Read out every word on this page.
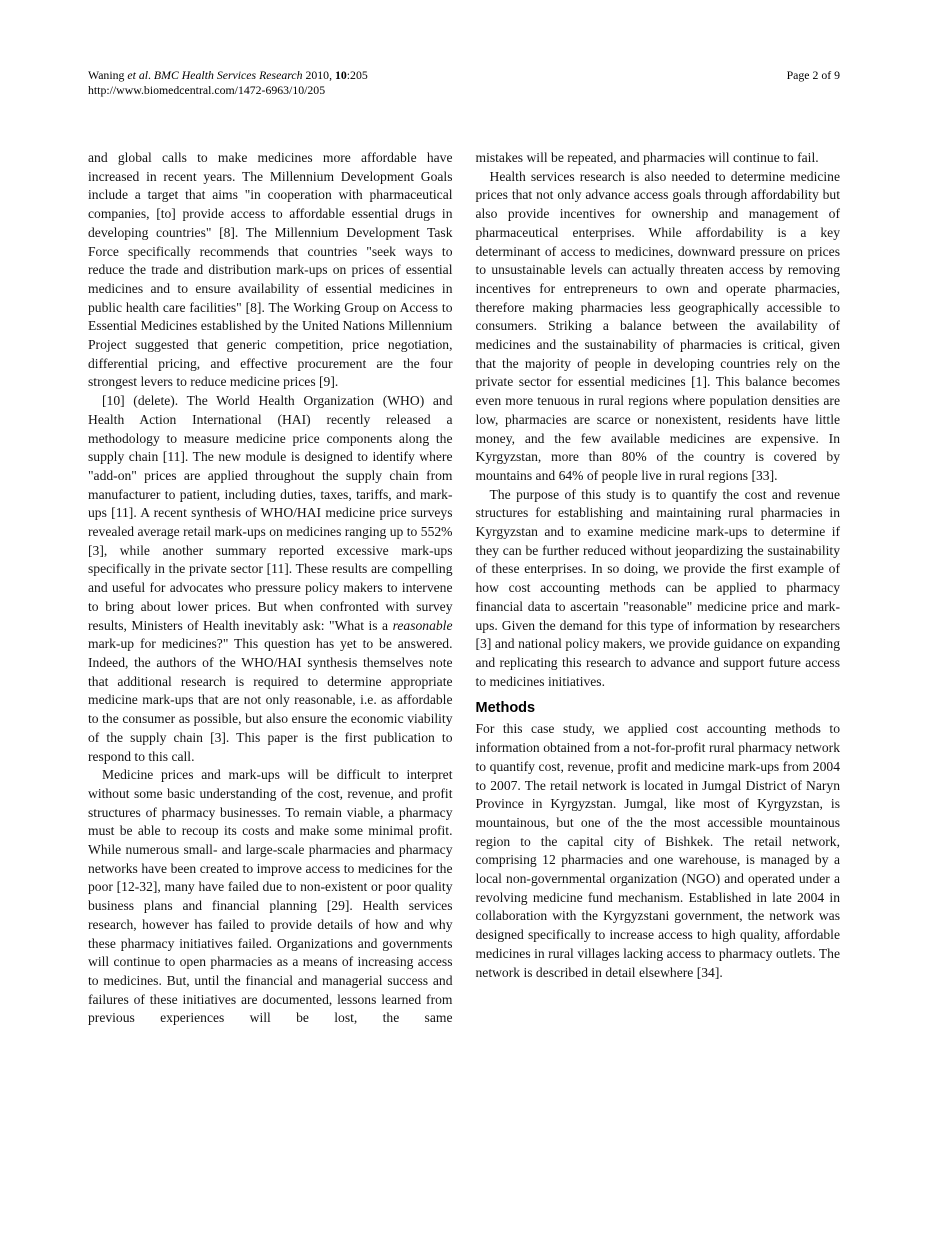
Waning et al. BMC Health Services Research 2010, 10:205
http://www.biomedcentral.com/1472-6963/10/205
Page 2 of 9

and global calls to make medicines more affordable have increased in recent years. The Millennium Development Goals include a target that aims "in cooperation with pharmaceutical companies, [to] provide access to affordable essential drugs in developing countries" [8]. The Millennium Development Task Force specifically recommends that countries "seek ways to reduce the trade and distribution mark-ups on prices of essential medicines and to ensure availability of essential medicines in public health care facilities" [8]. The Working Group on Access to Essential Medicines established by the United Nations Millennium Project suggested that generic competition, price negotiation, differential pricing, and effective procurement are the four strongest levers to reduce medicine prices [9].

[10] (delete). The World Health Organization (WHO) and Health Action International (HAI) recently released a methodology to measure medicine price components along the supply chain [11]. The new module is designed to identify where "add-on" prices are applied throughout the supply chain from manufacturer to patient, including duties, taxes, tariffs, and mark-ups [11]. A recent synthesis of WHO/HAI medicine price surveys revealed average retail mark-ups on medicines ranging up to 552% [3], while another summary reported excessive mark-ups specifically in the private sector [11]. These results are compelling and useful for advocates who pressure policy makers to intervene to bring about lower prices. But when confronted with survey results, Ministers of Health inevitably ask: "What is a reasonable mark-up for medicines?" This question has yet to be answered. Indeed, the authors of the WHO/HAI synthesis themselves note that additional research is required to determine appropriate medicine mark-ups that are not only reasonable, i.e. as affordable to the consumer as possible, but also ensure the economic viability of the supply chain [3]. This paper is the first publication to respond to this call.

Medicine prices and mark-ups will be difficult to interpret without some basic understanding of the cost, revenue, and profit structures of pharmacy businesses. To remain viable, a pharmacy must be able to recoup its costs and make some minimal profit. While numerous small- and large-scale pharmacies and pharmacy networks have been created to improve access to medicines for the poor [12-32], many have failed due to non-existent or poor quality business plans and financial planning [29]. Health services research, however has failed to provide details of how and why these pharmacy initiatives failed. Organizations and governments will continue to open pharmacies as a means of increasing access to medicines. But, until the financial and managerial success and failures of these initiatives are documented, lessons learned from previous experiences will be lost, the same

mistakes will be repeated, and pharmacies will continue to fail.

Health services research is also needed to determine medicine prices that not only advance access goals through affordability but also provide incentives for ownership and management of pharmaceutical enterprises. While affordability is a key determinant of access to medicines, downward pressure on prices to unsustainable levels can actually threaten access by removing incentives for entrepreneurs to own and operate pharmacies, therefore making pharmacies less geographically accessible to consumers. Striking a balance between the availability of medicines and the sustainability of pharmacies is critical, given that the majority of people in developing countries rely on the private sector for essential medicines [1]. This balance becomes even more tenuous in rural regions where population densities are low, pharmacies are scarce or nonexistent, residents have little money, and the few available medicines are expensive. In Kyrgyzstan, more than 80% of the country is covered by mountains and 64% of people live in rural regions [33].

The purpose of this study is to quantify the cost and revenue structures for establishing and maintaining rural pharmacies in Kyrgyzstan and to examine medicine mark-ups to determine if they can be further reduced without jeopardizing the sustainability of these enterprises. In so doing, we provide the first example of how cost accounting methods can be applied to pharmacy financial data to ascertain "reasonable" medicine price and mark-ups. Given the demand for this type of information by researchers [3] and national policy makers, we provide guidance on expanding and replicating this research to advance and support future access to medicines initiatives.

Methods

For this case study, we applied cost accounting methods to information obtained from a not-for-profit rural pharmacy network to quantify cost, revenue, profit and medicine mark-ups from 2004 to 2007. The retail network is located in Jumgal District of Naryn Province in Kyrgyzstan. Jumgal, like most of Kyrgyzstan, is mountainous, but one of the the most accessible mountainous region to the capital city of Bishkek. The retail network, comprising 12 pharmacies and one warehouse, is managed by a local non-governmental organization (NGO) and operated under a revolving medicine fund mechanism. Established in late 2004 in collaboration with the Kyrgyzstani government, the network was designed specifically to increase access to high quality, affordable medicines in rural villages lacking access to pharmacy outlets. The network is described in detail elsewhere [34].
